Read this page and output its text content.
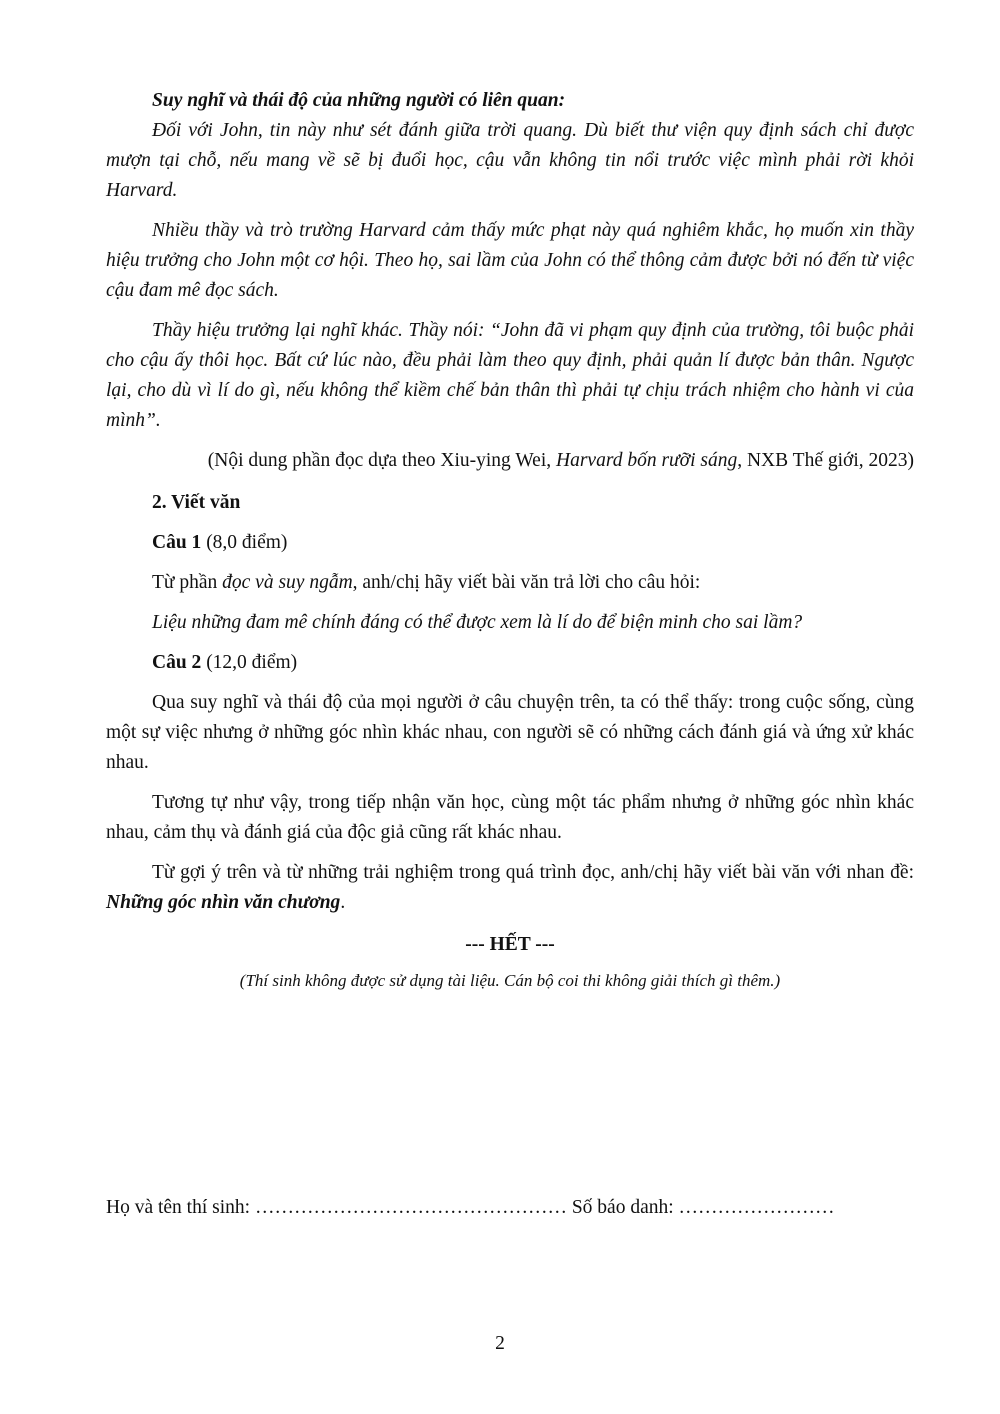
Suy nghĩ và thái độ của những người có liên quan:

Đối với John, tin này như sét đánh giữa trời quang. Dù biết thư viện quy định sách chỉ được mượn tại chỗ, nếu mang về sẽ bị đuổi học, cậu vẫn không tin nổi trước việc mình phải rời khỏi Harvard.

Nhiều thầy và trò trường Harvard cảm thấy mức phạt này quá nghiêm khắc, họ muốn xin thầy hiệu trưởng cho John một cơ hội. Theo họ, sai lầm của John có thể thông cảm được bởi nó đến từ việc cậu đam mê đọc sách.

Thầy hiệu trưởng lại nghĩ khác. Thầy nói: “John đã vi phạm quy định của trường, tôi buộc phải cho cậu ấy thôi học. Bất cứ lúc nào, đều phải làm theo quy định, phải quản lí được bản thân. Ngược lại, cho dù vì lí do gì, nếu không thể kiềm chế bản thân thì phải tự chịu trách nhiệm cho hành vi của mình”.

(Nội dung phần đọc dựa theo Xiu-ying Wei, Harvard bốn rưỡi sáng, NXB Thế giới, 2023)

2. Viết văn

Câu 1 (8,0 điểm)

Từ phần đọc và suy ngẫm, anh/chị hãy viết bài văn trả lời cho câu hỏi:

Liệu những đam mê chính đáng có thể được xem là lí do để biện minh cho sai lầm?

Câu 2 (12,0 điểm)

Qua suy nghĩ và thái độ của mọi người ở câu chuyện trên, ta có thể thấy: trong cuộc sống, cùng một sự việc nhưng ở những góc nhìn khác nhau, con người sẽ có những cách đánh giá và ứng xử khác nhau.

Tương tự như vậy, trong tiếp nhận văn học, cùng một tác phẩm nhưng ở những góc nhìn khác nhau, cảm thụ và đánh giá của độc giả cũng rất khác nhau.

Từ gợi ý trên và từ những trải nghiệm trong quá trình đọc, anh/chị hãy viết bài văn với nhan đề: Những góc nhìn văn chương.

--- HẾT ---

(Thí sinh không được sử dụng tài liệu. Cán bộ coi thi không giải thích gì thêm.)

Họ và tên thí sinh: ………………………………………… Số báo danh: ……………………
2
